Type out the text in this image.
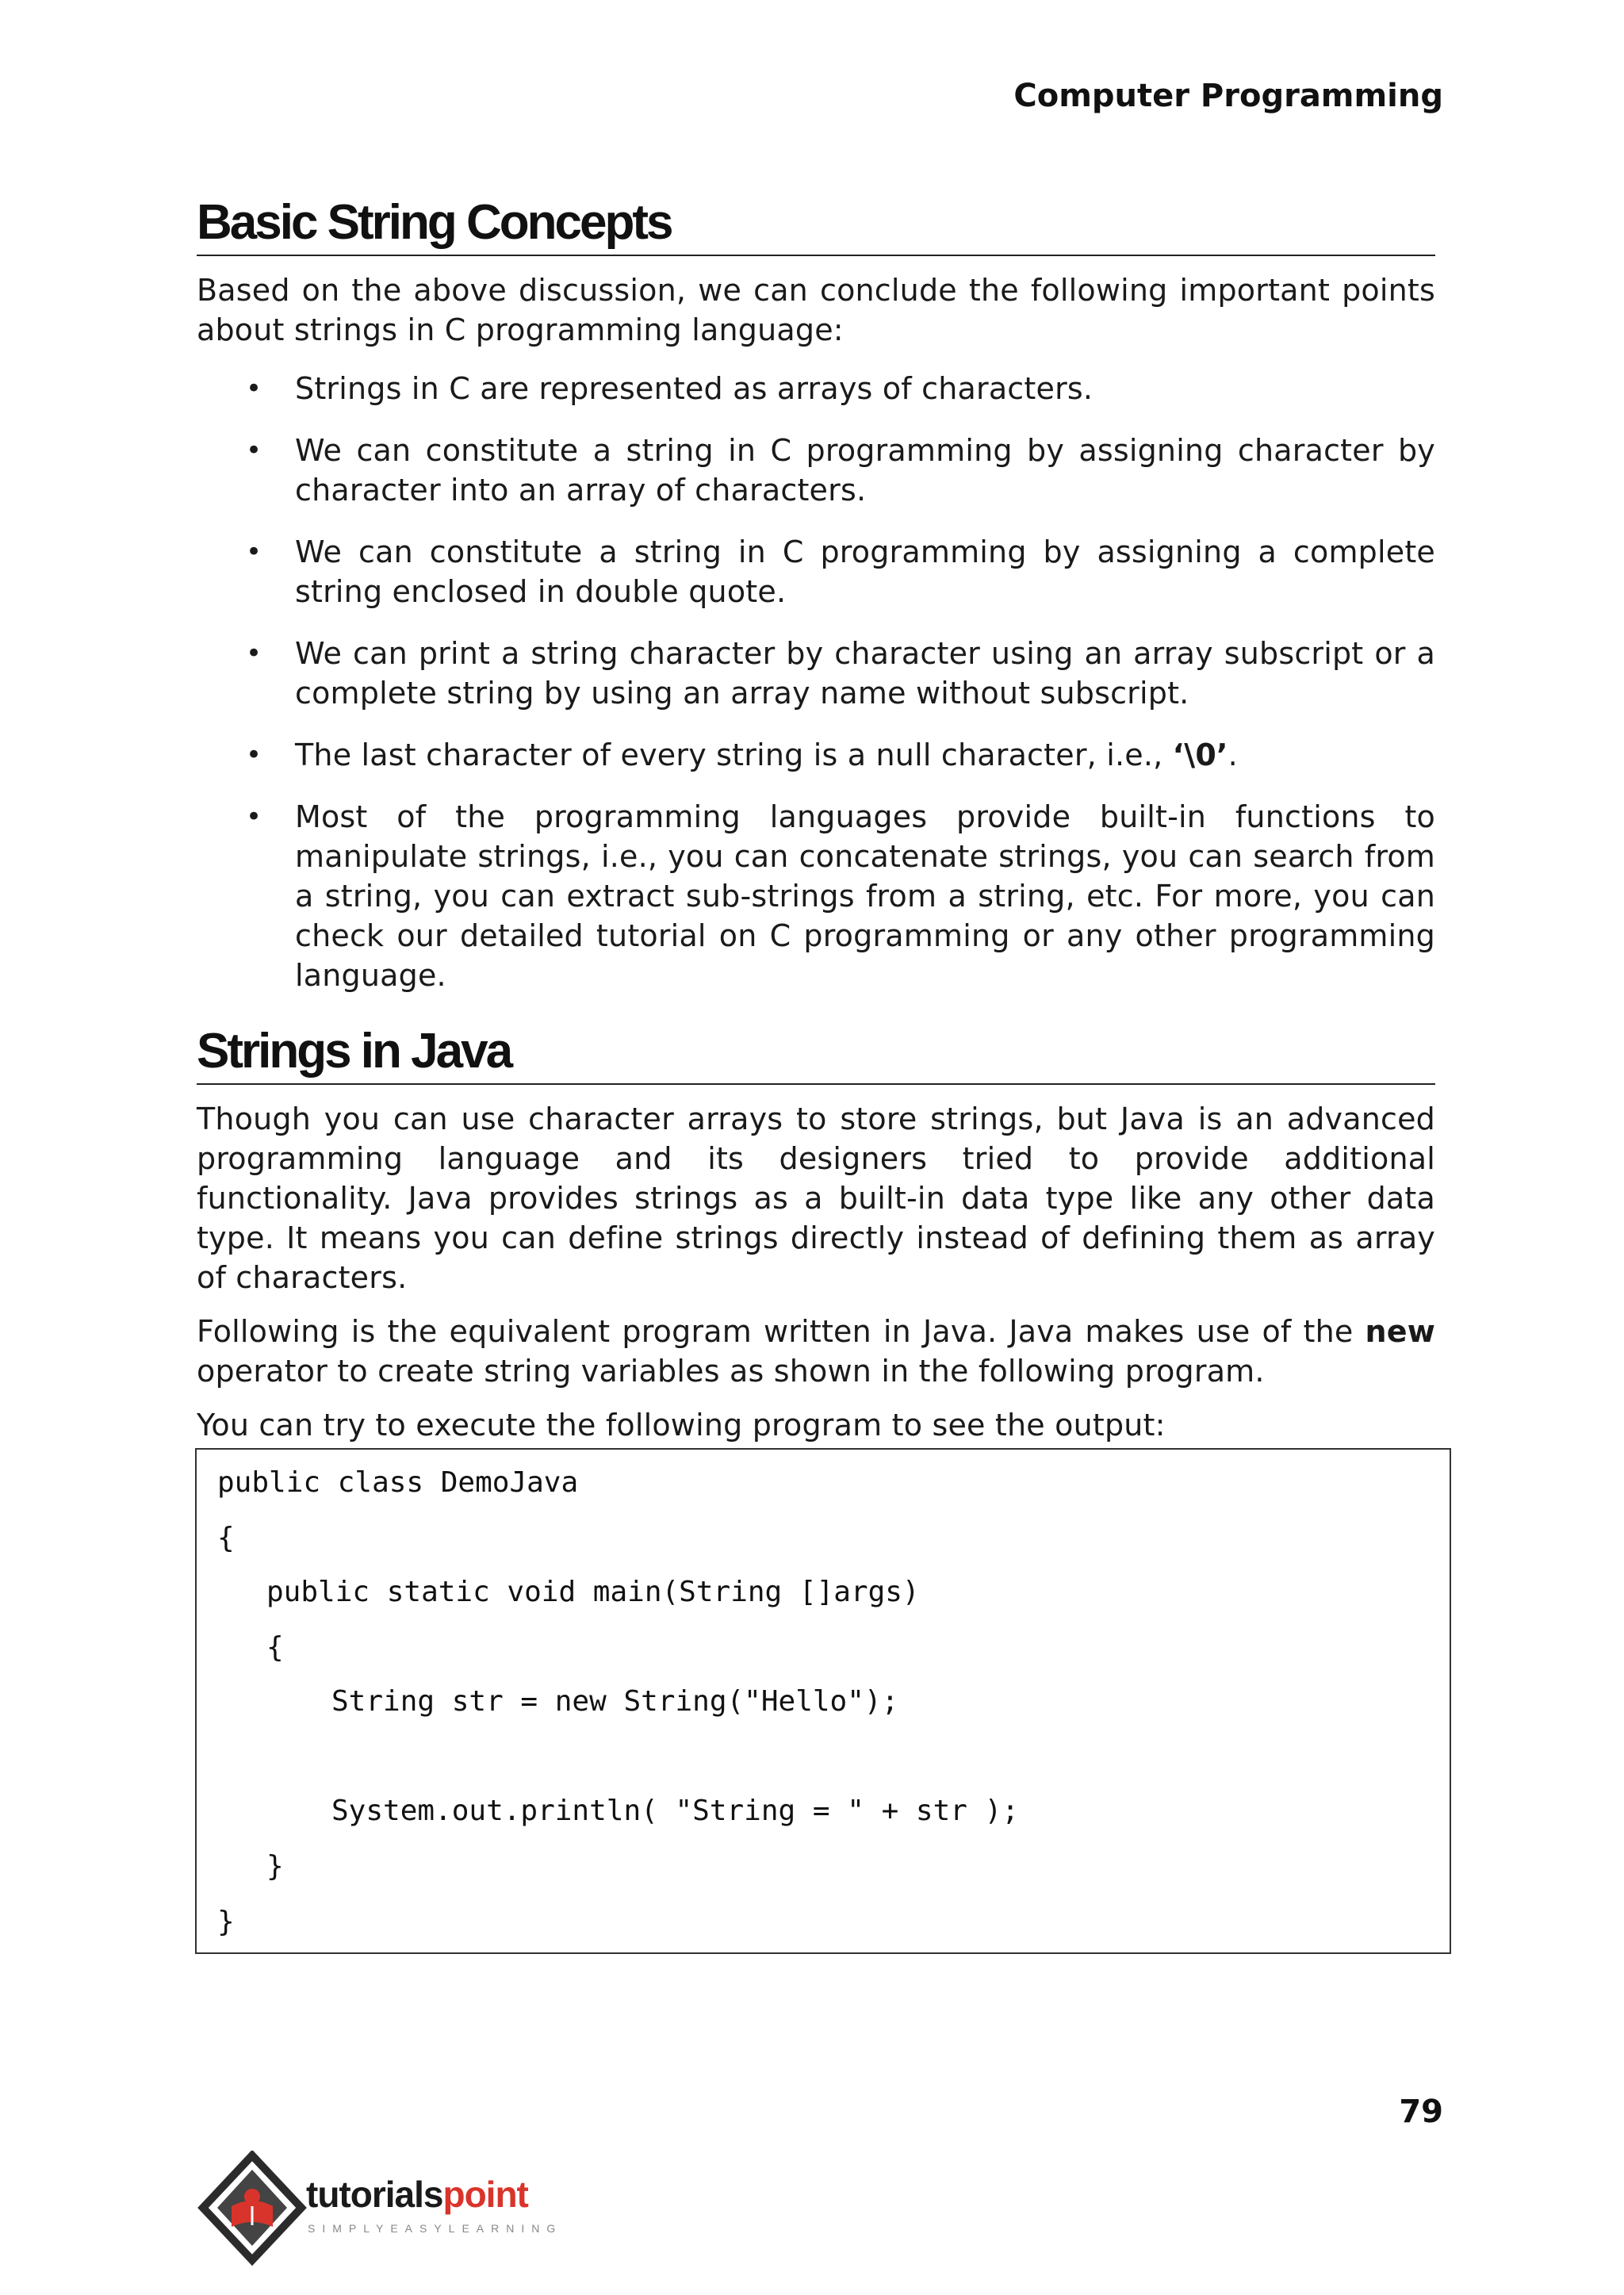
Computer Programming
Basic String Concepts

Based on the above discussion, we can conclude the following important points about strings in C programming language:

• Strings in C are represented as arrays of characters.
• We can constitute a string in C programming by assigning character by character into an array of characters.
• We can constitute a string in C programming by assigning a complete string enclosed in double quote.
• We can print a string character by character using an array subscript or a complete string by using an array name without subscript.
• The last character of every string is a null character, i.e., ‘\0’.
• Most of the programming languages provide built-in functions to manipulate strings, i.e., you can concatenate strings, you can search from a string, you can extract sub-strings from a string, etc. For more, you can check our detailed tutorial on C programming or any other programming language.
Strings in Java

Though you can use character arrays to store strings, but Java is an advanced programming language and its designers tried to provide additional functionality. Java provides strings as a built-in data type like any other data type. It means you can define strings directly instead of defining them as array of characters.

Following is the equivalent program written in Java. Java makes use of the new operator to create string variables as shown in the following program.

You can try to execute the following program to see the output:

public class DemoJava
{
public static void main(String []args)
{
String str = new String("Hello");
System.out.println( "String = " + str );
}
}
79
tutorialspoint
SIMPLYEASYLEARNING
